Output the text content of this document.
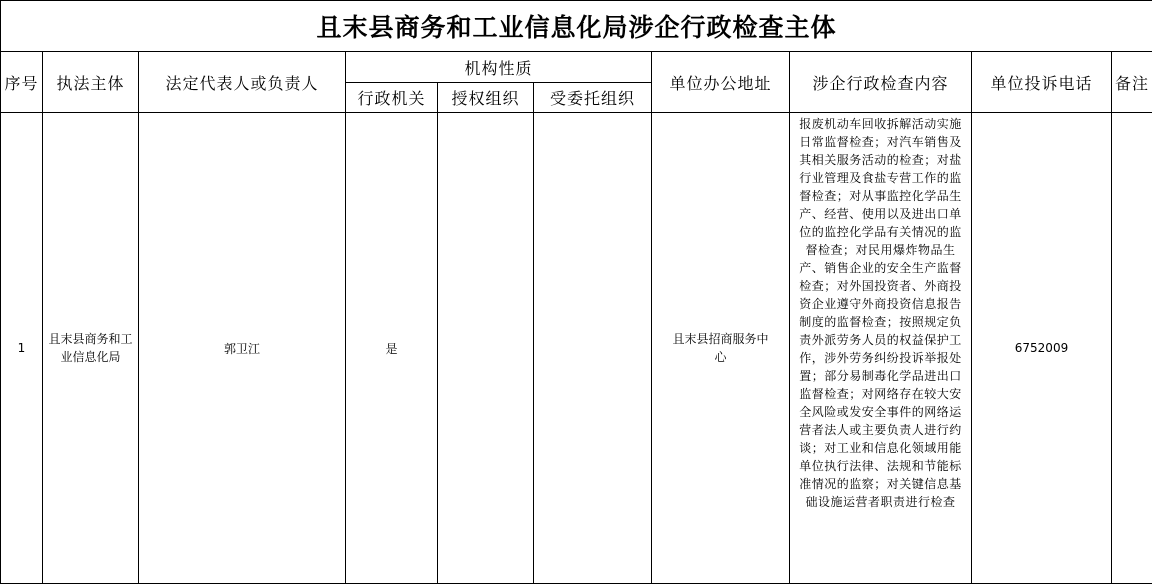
且末县商务和工业信息化局涉企行政检查主体									
序号	执法主体	法定代表人或负责人	机构性质			单位办公地址	涉企行政检查内容	单位投诉电话	备注
			行政机关	授权组织	受委托组织				
1	且末县商务和工业信息化局	郭卫江	是			且末县招商服务中心	报废机动车回收拆解活动实施日常监督检查；对汽车销售及其相关服务活动的检查；对盐行业管理及食盐专营工作的监督检查；对从事监控化学品生产、经营、使用以及进出口单位的监控化学品有关情况的监督检查；对民用爆炸物品生产、销售企业的安全生产监督检查；对外国投资者、外商投资企业遵守外商投资信息报告制度的监督检查；按照规定负责外派劳务人员的权益保护工作，涉外劳务纠纷投诉举报处置；部分易制毒化学品进出口监督检查；对网络存在较大安全风险或发安全事件的网络运营者法人或主要负责人进行约谈；对工业和信息化领域用能单位执行法律、法规和节能标准情况的监察；对关键信息基础设施运营者职责进行检查	6752009	
